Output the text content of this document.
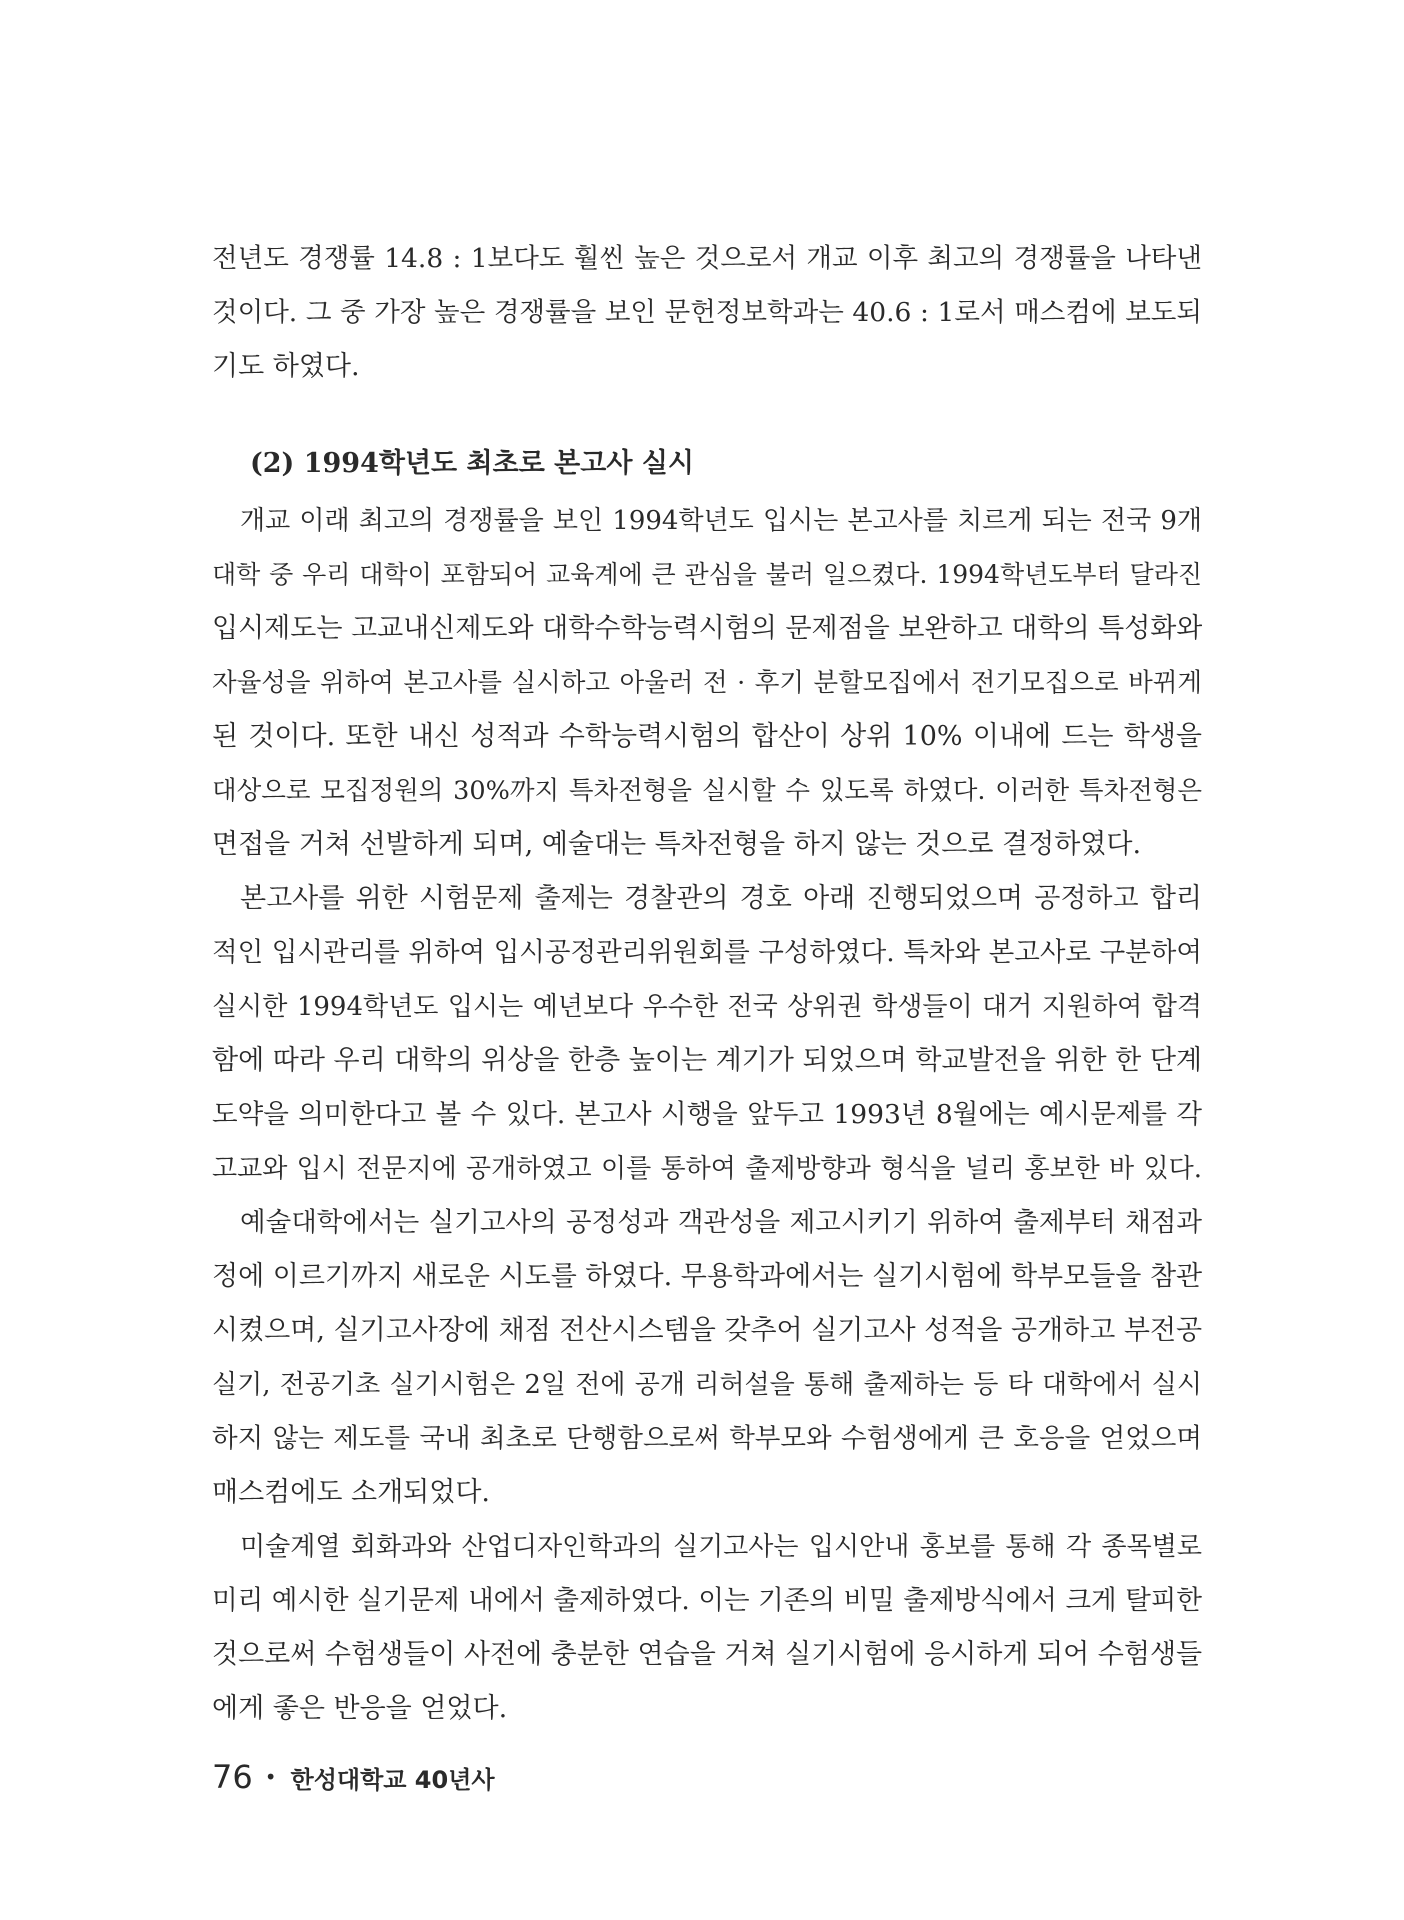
전년도 경쟁률 14.8 : 1보다도 훨씬 높은 것으로서 개교 이후 최고의 경쟁률을 나타낸
것이다. 그 중 가장 높은 경쟁률을 보인 문헌정보학과는 40.6 : 1로서 매스컴에 보도되
기도 하였다.
(2) 1994학년도 최초로 본고사 실시
개교 이래 최고의 경쟁률을 보인 1994학년도 입시는 본고사를 치르게 되는 전국 9개
대학 중 우리 대학이 포함되어 교육계에 큰 관심을 불러 일으켰다. 1994학년도부터 달라진
입시제도는 고교내신제도와 대학수학능력시험의 문제점을 보완하고 대학의 특성화와
자율성을 위하여 본고사를 실시하고 아울러 전 · 후기 분할모집에서 전기모집으로 바뀌게
된 것이다. 또한 내신 성적과 수학능력시험의 합산이 상위 10% 이내에 드는 학생을
대상으로 모집정원의 30%까지 특차전형을 실시할 수 있도록 하였다. 이러한 특차전형은
면접을 거쳐 선발하게 되며, 예술대는 특차전형을 하지 않는 것으로 결정하였다.
본고사를 위한 시험문제 출제는 경찰관의 경호 아래 진행되었으며 공정하고 합리
적인 입시관리를 위하여 입시공정관리위원회를 구성하였다. 특차와 본고사로 구분하여
실시한 1994학년도 입시는 예년보다 우수한 전국 상위권 학생들이 대거 지원하여 합격
함에 따라 우리 대학의 위상을 한층 높이는 계기가 되었으며 학교발전을 위한 한 단계
도약을 의미한다고 볼 수 있다. 본고사 시행을 앞두고 1993년 8월에는 예시문제를 각
고교와 입시 전문지에 공개하였고 이를 통하여 출제방향과 형식을 널리 홍보한 바 있다.
예술대학에서는 실기고사의 공정성과 객관성을 제고시키기 위하여 출제부터 채점과
정에 이르기까지 새로운 시도를 하였다. 무용학과에서는 실기시험에 학부모들을 참관
시켰으며, 실기고사장에 채점 전산시스템을 갖추어 실기고사 성적을 공개하고 부전공
실기, 전공기초 실기시험은 2일 전에 공개 리허설을 통해 출제하는 등 타 대학에서 실시
하지 않는 제도를 국내 최초로 단행함으로써 학부모와 수험생에게 큰 호응을 얻었으며
매스컴에도 소개되었다.
미술계열 회화과와 산업디자인학과의 실기고사는 입시안내 홍보를 통해 각 종목별로
미리 예시한 실기문제 내에서 출제하였다. 이는 기존의 비밀 출제방식에서 크게 탈피한
것으로써 수험생들이 사전에 충분한 연습을 거쳐 실기시험에 응시하게 되어 수험생들
에게 좋은 반응을 얻었다.
76 • 한성대학교 40년사
